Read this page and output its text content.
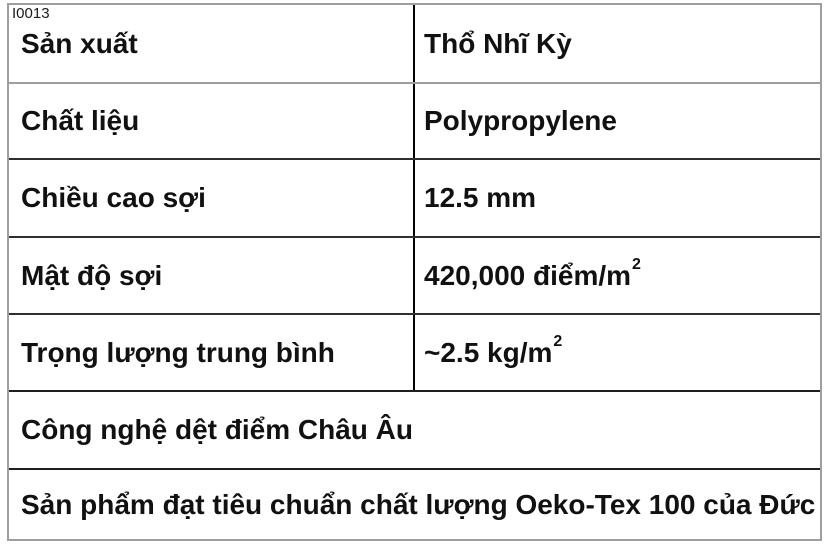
I0013
Sản xuất	Thổ Nhĩ Kỳ
Chất liệu	Polypropylene
Chiều cao sợi	12.5 mm
Mật độ sợi	420,000 điểm/m 2
Trọng lượng trung bình	~2.5 kg/m 2
Công nghệ dệt điểm Châu Âu
Sản phẩm đạt tiêu chuẩn chất lượng Oeko-Tex 100 của Đức
